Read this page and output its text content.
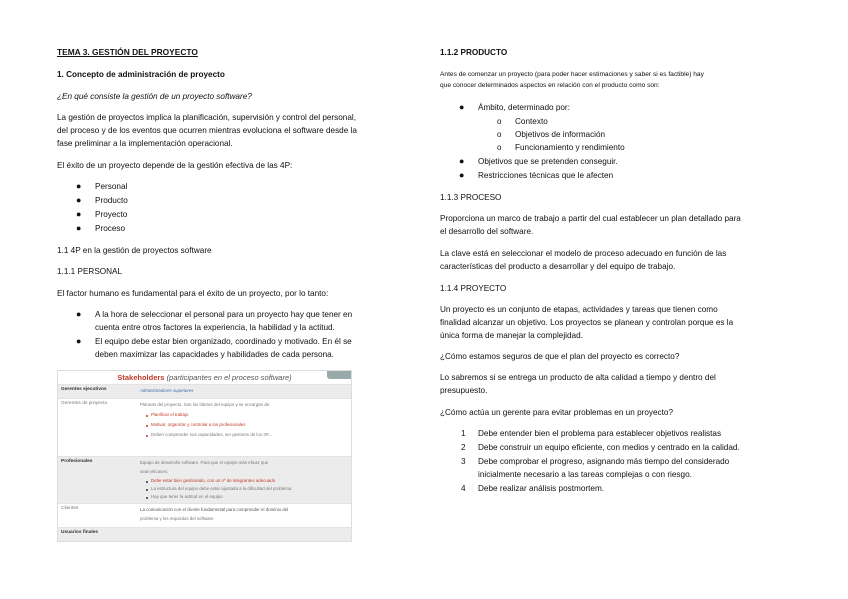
TEMA 3. GESTIÓN DEL PROYECTO
1. Concepto de administración de proyecto
¿En qué consiste la gestión de un proyecto software?
La gestión de proyectos implica la planificación, supervisión y control del personal,
del proceso y de los eventos que ocurren mientras evoluciona el software desde la
fase preliminar a la implementación operacional.
El éxito de un proyecto depende de la gestión efectiva de las 4P:
● Personal
● Producto
● Proyecto
● Proceso
1.1 4P en la gestión de proyectos software
1.1.1 PERSONAL
El factor humano es fundamental para el éxito de un proyecto, por lo tanto:
● A la hora de seleccionar el personal para un proyecto hay que tener en
cuenta entre otros factores la experiencia, la habilidad y la actitud.
● El equipo debe estar bien organizado, coordinado y motivado. En él se
deben maximizar las capacidades y habilidades de cada persona.
Stakeholders (participantes en el proceso software)
Gerentes ejecutivos	Administradores superiores
Gerentes de proyecto	Planean del proyecto. Son los líderes del equipo y se encargan de:
Planificar el trabajo
Motivar, organizar y controlar a los profesionales
Deben comprender sus capacidades, ser gestores de los 3P...
Profesionales	Equipo de desarrollo software. Para que el equipo más eficaz que
sean eficaces:
Debe estar bien gestionado, con un nº de integrantes adecuado
La estructura del equipo debe estar ajustada a la dificultad del problema
Hay que tener la actitud en el equipo
Clientes	La comunicación con el cliente fundamental para comprender el dominio del
problema y los requisitos del software
Usuarios finales
1.1.2 PRODUCTO
Antes de comenzar un proyecto (para poder hacer estimaciones y saber si es factible) hay
que conocer determinados aspectos en relación con el producto como son:
● Ámbito, determinado por:
o Contexto
o Objetivos de información
o Funcionamiento y rendimiento
● Objetivos que se pretenden conseguir.
● Restricciones técnicas que le afecten
1.1.3 PROCESO
Proporciona un marco de trabajo a partir del cual establecer un plan detallado para
el desarrollo del software.
La clave está en seleccionar el modelo de proceso adecuado en función de las
características del producto a desarrollar y del equipo de trabajo.
1.1.4 PROYECTO
Un proyecto es un conjunto de etapas, actividades y tareas que tienen como
finalidad alcanzar un objetivo. Los proyectos se planean y controlan porque es la
única forma de manejar la complejidad.
¿Cómo estamos seguros de que el plan del proyecto es correcto?
Lo sabremos si se entrega un producto de alta calidad a tiempo y dentro del
presupuesto.
¿Cómo actúa un gerente para evitar problemas en un proyecto?
1 Debe entender bien el problema para establecer objetivos realistas
2 Debe construir un equipo eficiente, con medios y centrado en la calidad.
3 Debe comprobar el progreso, asignando más tiempo del considerado
inicialmente necesario a las tareas complejas o con riesgo.
4 Debe realizar análisis postmortem.
